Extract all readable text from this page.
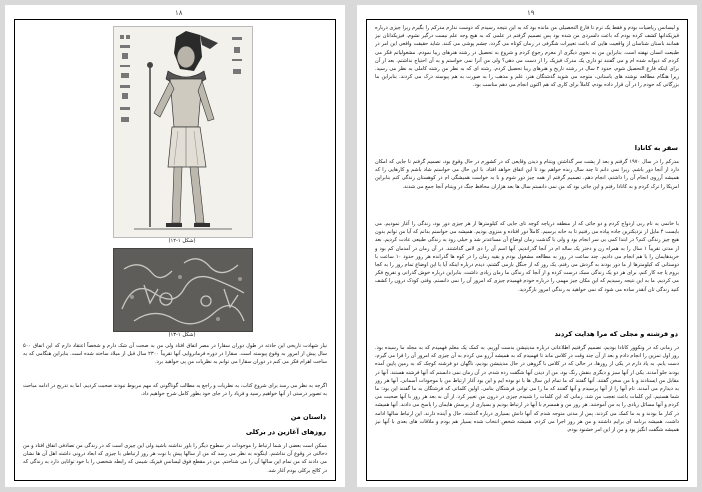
۱۸
(شکل ۱-۱۲)
(شکل ۱-۱۳)
نیاز شهادت تاریخی این حادثه در طول دوران سقارا در مصر اتفاق افتاد ولی من به صحت آن شک دارم و شخصاً اعتقاد دارم که این اتفاق ۵۰۰ سال پیش از امروز به وقوع پیوسته است. سقارا در دوره فرمانروایی آنها تقریباً ۲۳۰۰ سال قبل از میلاد ساخته شده است. بنابراین هنگامی که به ساخت اهرام فکر می کنم در دوران سقارا می توانم به نظریات من پی خواهید برد.
اگرچه به نظر می رسد برای شروع کتاب، به نظریات و راجع به مطالب گوناگونی که مهم مربوط نبودند صحبت کردیم. اما به تدریج در ادامه مباحث به تصویر درستی از آنها خواهیم رسید و فریاد را در جای خود بطور کامل شرح خواهیم داد.
داستان من
روزهای آغازین در برکلی
ممکن است بعضی از شما ارتباط را موجودات در سطوح دیگر را باور نداشته باشید ولی این چیزی است که در زندگی من تصادفی اتفاق افتاد و من دخالتی در وقوع آن نداشتم. اینگونه به نظر می رسد که من از سالها پیش با نوت هر روز ارتباطی با چیزی که ابعاد درونی داشته اهل آن ها نشان می دادند که من تمام این سالها آن را می شناختم. من در مقطع فوق لیسانس فیزیک شیمی که رابطه شخصی را با خود توانایی دارد به زندگی که در کالج برکلی بودم آغاز شد.
۱۹
و لیسانس ریاضیات بودم و فقط یک ترم تا فارغ التحصیلی من مانده بود که به این نتیجه رسیدم که دوست ندارم مدرکم را بگیرم زیرا چیزی درباره فیزیکدانها کشف کرده بودم که باعث دلسردی من شده بود پس تصمیم گرفتم در علمی که به هیچ وجه علم نیست درگیر نشوم. فیزیکدانان نیز همانند باستان شناسان از واقعیت هایی که باعث تغییرات شگرفی در زمان کوتاه می گردد، چشم پوشی می کنند. شاید حقیقت واقعی این امر در طبیعت انسان نهفته است. بنابراین من به نحوی دیگری از مغرم رجوع کردم و شروع به تحصیل در رشته هنرهای زیبا نمودم. مشغولیاتم فکر می کردم که دیوانه شده ام و می گفتند تو داری یک مدرک فیزیک را از دست می دهی؟ ولی من آنرا نمی خواستم و به آن احتیاج نداشتم. بعد از آن برای اینکه فارغ التحصیل شوم، حدود ۲ سال در رشته تاریخ و هنرهای زیبا تحصیل کردم. رشته ای که به نظر من رشته کاملی به نظر می رسید. زیرا هنگام مطالعه نوشته های باستانی، متوجه می شوید گذشتگان هنر، علم و مذهب را به صورت به هم پیوسته درک می کردند. بنابراین ما بزرگانی که خودم را در آن قرار داده بودم، کاملاً برای کاری که هم اکنون انجام می دهم مناسب بود.
سفر به کانادا
مدرکم را در سال ۱۹۷۰ گرفتم و بعد از پشت سر گذاشتن ویتنام و دیدن وقایعی که در کشورم در حال وقوع بود، تصمیم گرفتم تا جایی که امکان دارد از آنجا دور باشم. زیرا تمی دانم تا چند سال زنده خواهم بود تا این اتفاق خواهد افتاد. با این حال می خواستم شاد باشم و کارهایی را که همیشه آرزوی انجام آن را داشتم، انجام دهم. تصمیم گرفتم از همه چیز دور شوم و با به خواست همیشگی ام در کوهستان زندگی کنم بنابراین امریکا را ترک کردم و به کانادا رفتم و این جائی بود که من نمی دانستم سال ها بعد هزاران محافظ جنگ در ویتنام آنجا جمع می شدند.
با خانمی به نام ربی ازدواج کردم و دو جائی که از منطقه دریاچه کوچه تای جایی که کیلومترها از هر چیزی دور بود، زندگی را آغاز نمودیم. می بایست ۴ مایل از نزدیکترین جاده پیاده می رفتیم تا به خانه برسیم. کاملاً دور افتاده و منزوی بودیم. همیشه می خواستم بدانم که آیا من توانم بدون هیچ چیز زندگی کنم؟ در ابتدا کمی بی سر انجام بود و ولی با گذشت زمان اوضاع آن مساعدتر شد و خیلی زود به زندگی طبیعی عادت کردیم. بعد از مدتی تقریباً ۱ سال را به همراه زن و دختر یک ساله ام در آنجا گذراندیم. آنها اسم آن را دی لاس گذاشتند. در آن زمان در آمدمان کم بود و خریدهایمان را با هم انجام می دادیم. چند ساعت در روز به مطالعه مشغول بودم و بقیه زمان را در کوه ها گذرانده هر روز حدود ۱۰ ساعت با دوستانی که کیلومترها از ما دور بودند به گردش می رفتم. یک روز که از جنگل بازمی گشتم، دیدم درباره اینکه آیا با این اوضاع تمام روز را به کجا بروم یا چه کار کنم، برای هر دو یک زندگی سبک درست کرده و از آنجا که زندگی ما زمان زیادی داشت، بنابراین درباره خوش گذرانی و تفریح فکر می کردیم. ما به این نتیجه رسیدیم که این مکان چیز مهمی را درباره خودم فهمیدم چیزی که امروز آن را نمی دانستم. وقتی کودک درون را کشف کنید زندگی تان آنقدر ساده می شود که نمی خواهید به زندگی امروز بازگردید.
دو فرشته و مجلی که مرا هدایت کردند
در زمانی که در ونکوور کانادا بودیم، تصمیم گرفتیم اطلاعاتی درباره مدیتیشن بدست آوریم. به کمک یک معلم فهمیدم که به مجله ما رسیده بود. روز اول تمرین را انجام دادم و بعد از آن چند وقت در کلاس ماند تا فهمیدم که به همیشه آرزو می کردم به آن چیزی که امروز آن را فرا می گیرم، دست یابم. به یاد دارم در یکی از روزها، در حالی که در کلاس با گروهی در حال مدیتیشن بودیم، ناگهان دو فرشته کوچک که به زمین پایین آمده بودند جلو آمدند. یکی از آنها سبز و دیگری بنفش رنگ بود. من از دیدن آنها شگفت زده شدم. در آن زمان نمی دانستم که آنها فرشته هستند. آنها در مقابل من ایستادند و با من سخن گفتند. آنها گفتند که ما تمام این سال ها با تو بوده ایم و این بود آغاز ارتباط من با موجودات آسمانی. آنها هر روز به دیدارم می آمدند. نام آنها را از آنها پرسیدم و آنها گفتند که ما را می توانی فرشتگان بنامی. اولین کلماتی که فرشتگان به ما گفتند این بود: ما شما هستیم. این کلمات باعث تعجب من شد. زمانی که این کلمات را شنیدم چیزی در درون من تغییر کرد. از آن به بعد هر روز با آنها صحبت می کردم و آنها مسائل زیادی را به من آموختند. هر روز من و همسرم با آنها در ارتباط بودیم و بسیاری از پرسش هایمان را پاسخ می دادند. آنها همیشه در کنار ما بودند و به ما کمک می کردند. پس از مدتی متوجه شدم که آنها دانش بسیاری درباره گذشته، حال و آینده دارند. این ارتباط سالها ادامه داشت. همیشه برنامه ای برایم داشتند و من هر روز اجرا می کردم. همیشه شخص انتخاب شده بسیار هم بودم و ملاقات های بعدی با آنها نیز همیشه شگفت انگیز بود و من از این امر خشنود بودم.
